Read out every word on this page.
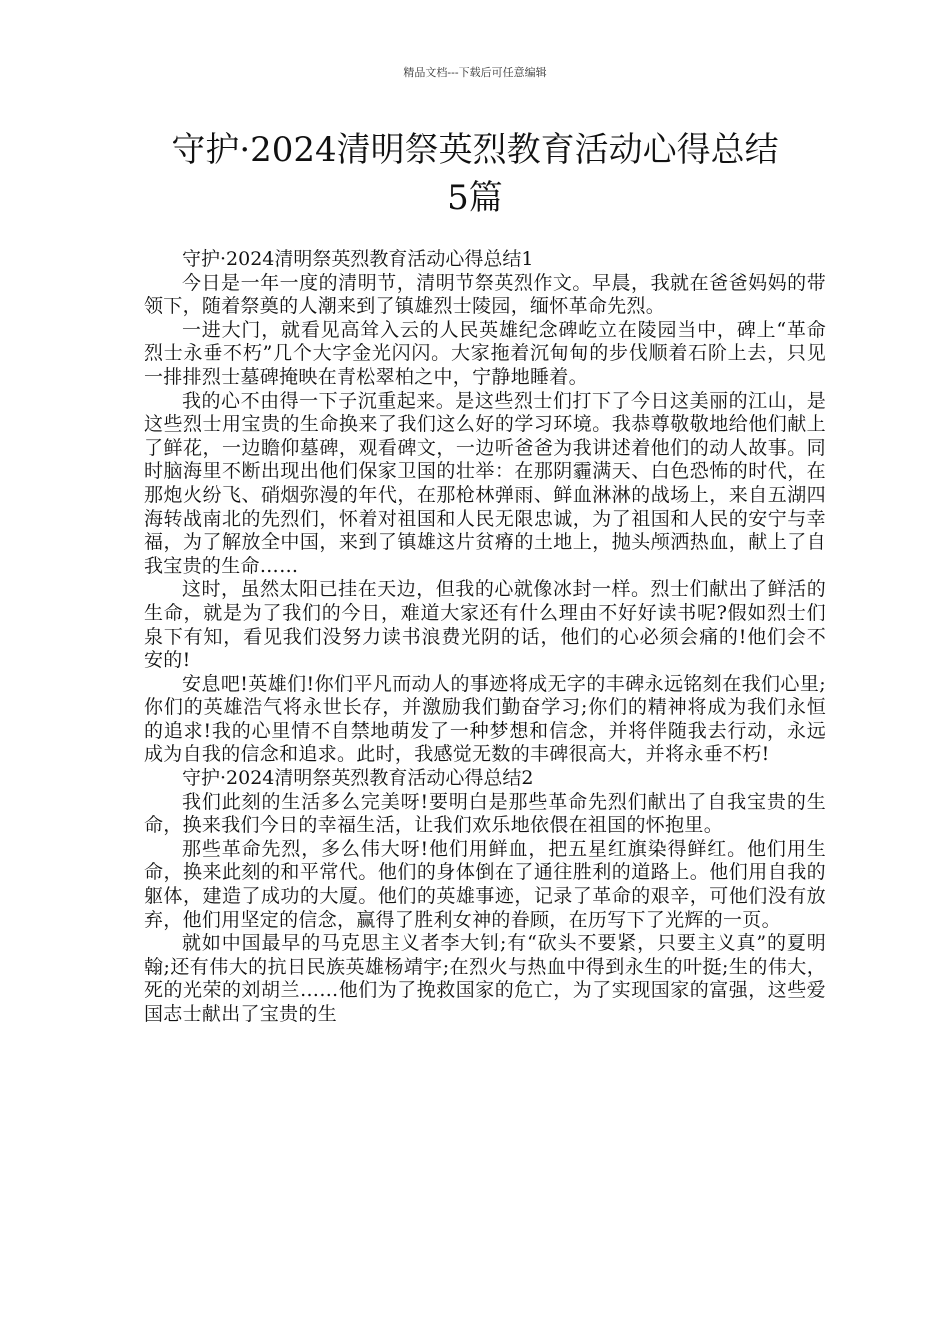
精品文档---下载后可任意编辑
守护·2024清明祭英烈教育活动心得总结
5篇

守护·2024清明祭英烈教育活动心得总结1

今日是一年一度的清明节，清明节祭英烈作文。早晨，我就在爸爸妈妈的带领下，随着祭奠的人潮来到了镇雄烈士陵园，缅怀革命先烈。

一进大门，就看见高耸入云的人民英雄纪念碑屹立在陵园当中，碑上“革命烈士永垂不朽”几个大字金光闪闪。大家拖着沉甸甸的步伐顺着石阶上去，只见一排排烈士墓碑掩映在青松翠柏之中，宁静地睡着。

我的心不由得一下子沉重起来。是这些烈士们打下了今日这美丽的江山，是这些烈士用宝贵的生命换来了我们这么好的学习环境。我恭尊敬敬地给他们献上了鲜花，一边瞻仰墓碑，观看碑文，一边听爸爸为我讲述着他们的动人故事。同时脑海里不断出现出他们保家卫国的壮举：在那阴霾满天、白色恐怖的时代，在那炮火纷飞、硝烟弥漫的年代，在那枪林弹雨、鲜血淋淋的战场上，来自五湖四海转战南北的先烈们，怀着对祖国和人民无限忠诚，为了祖国和人民的安宁与幸福，为了解放全中国，来到了镇雄这片贫瘠的土地上，抛头颅洒热血，献上了自我宝贵的生命……

这时，虽然太阳已挂在天边，但我的心就像冰封一样。烈士们献出了鲜活的生命，就是为了我们的今日，难道大家还有什么理由不好好读书呢?假如烈士们泉下有知，看见我们没努力读书浪费光阴的话，他们的心必须会痛的!他们会不安的!

安息吧!英雄们!你们平凡而动人的事迹将成无字的丰碑永远铭刻在我们心里;你们的英雄浩气将永世长存，并激励我们勤奋学习;你们的精神将成为我们永恒的追求!我的心里情不自禁地萌发了一种梦想和信念，并将伴随我去行动，永远成为自我的信念和追求。此时，我感觉无数的丰碑很高大，并将永垂不朽!

守护·2024清明祭英烈教育活动心得总结2

我们此刻的生活多么完美呀!要明白是那些革命先烈们献出了自我宝贵的生命，换来我们今日的幸福生活，让我们欢乐地依偎在祖国的怀抱里。

那些革命先烈，多么伟大呀!他们用鲜血，把五星红旗染得鲜红。他们用生命，换来此刻的和平常代。他们的身体倒在了通往胜利的道路上。他们用自我的躯体，建造了成功的大厦。他们的英雄事迹，记录了革命的艰辛，可他们没有放弃，他们用坚定的信念，赢得了胜利女神的眷顾，在历写下了光辉的一页。

就如中国最早的马克思主义者李大钊;有“砍头不要紧，只要主义真”的夏明翰;还有伟大的抗日民族英雄杨靖宇;在烈火与热血中得到永生的叶挺;生的伟大，死的光荣的刘胡兰……他们为了挽救国家的危亡，为了实现国家的富强，这些爱国志士献出了宝贵的生
